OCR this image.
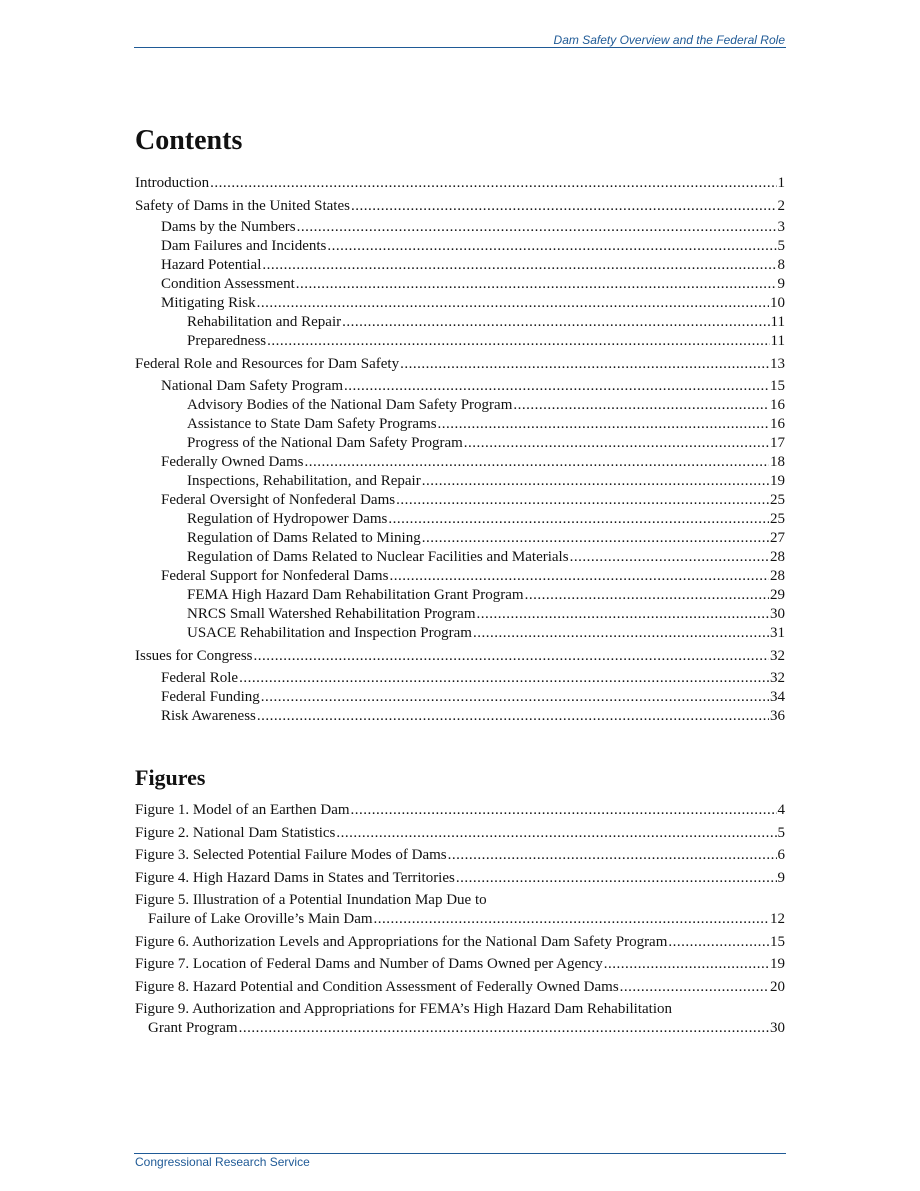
Dam Safety Overview and the Federal Role
Contents
Introduction .....	1
Safety of Dams in the United States .....	2
Dams by the Numbers .....	3
Dam Failures and Incidents .....	5
Hazard Potential .....	8
Condition Assessment .....	9
Mitigating Risk .....	10
Rehabilitation and Repair .....	11
Preparedness .....	11
Federal Role and Resources for Dam Safety .....	13
National Dam Safety Program .....	15
Advisory Bodies of the National Dam Safety Program .....	16
Assistance to State Dam Safety Programs .....	16
Progress of the National Dam Safety Program .....	17
Federally Owned Dams .....	18
Inspections, Rehabilitation, and Repair .....	19
Federal Oversight of Nonfederal Dams .....	25
Regulation of Hydropower Dams .....	25
Regulation of Dams Related to Mining .....	27
Regulation of Dams Related to Nuclear Facilities and Materials .....	28
Federal Support for Nonfederal Dams .....	28
FEMA High Hazard Dam Rehabilitation Grant Program .....	29
NRCS Small Watershed Rehabilitation Program .....	30
USACE Rehabilitation and Inspection Program .....	31
Issues for Congress .....	32
Federal Role .....	32
Federal Funding .....	34
Risk Awareness .....	36
Figures
Figure 1. Model of an Earthen Dam .....	4
Figure 2. National Dam Statistics .....	5
Figure 3. Selected Potential Failure Modes of Dams .....	6
Figure 4. High Hazard Dams in States and Territories .....	9
Figure 5. Illustration of a Potential Inundation Map Due to
Failure of Lake Oroville’s Main Dam .....	12
Figure 6. Authorization Levels and Appropriations for the National Dam Safety Program .....	15
Figure 7. Location of Federal Dams and Number of Dams Owned per Agency .....	19
Figure 8. Hazard Potential and Condition Assessment of Federally Owned Dams .....	20
Figure 9. Authorization and Appropriations for FEMA’s High Hazard Dam Rehabilitation
Grant Program .....	30
Congressional Research Service
